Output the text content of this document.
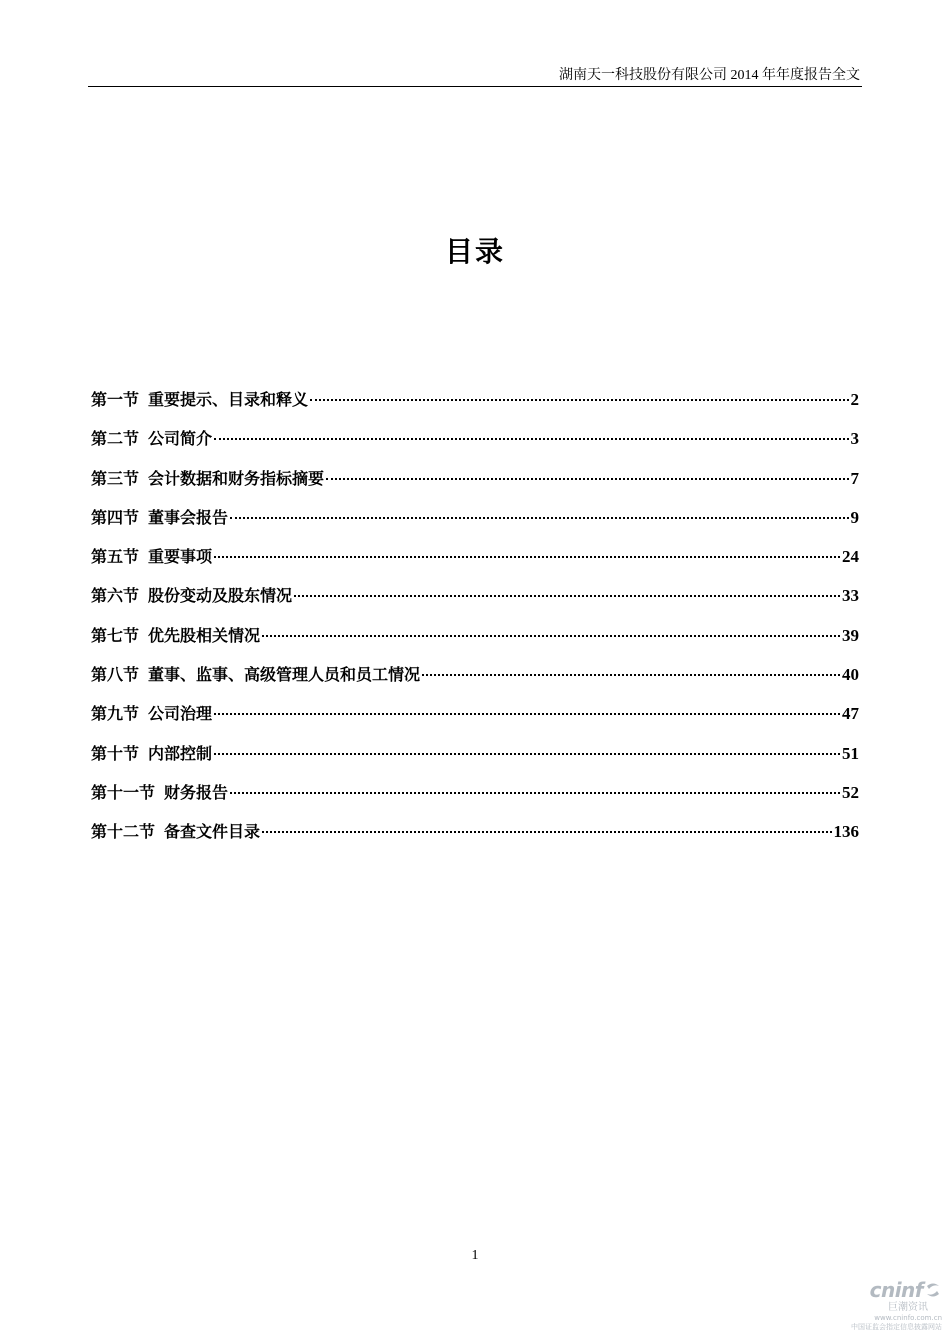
湖南天一科技股份有限公司 2014 年年度报告全文
目录
第一节 重要提示、目录和释义	2
第二节 公司简介	3
第三节 会计数据和财务指标摘要	7
第四节 董事会报告	9
第五节 重要事项	24
第六节 股份变动及股东情况	33
第七节 优先股相关情况	39
第八节 董事、监事、高级管理人员和员工情况	40
第九节 公司治理	47
第十节 内部控制	51
第十一节 财务报告	52
第十二节 备查文件目录	136
1
cninf
巨潮资讯
www.cninfo.com.cn
中国证监会指定信息披露网站
